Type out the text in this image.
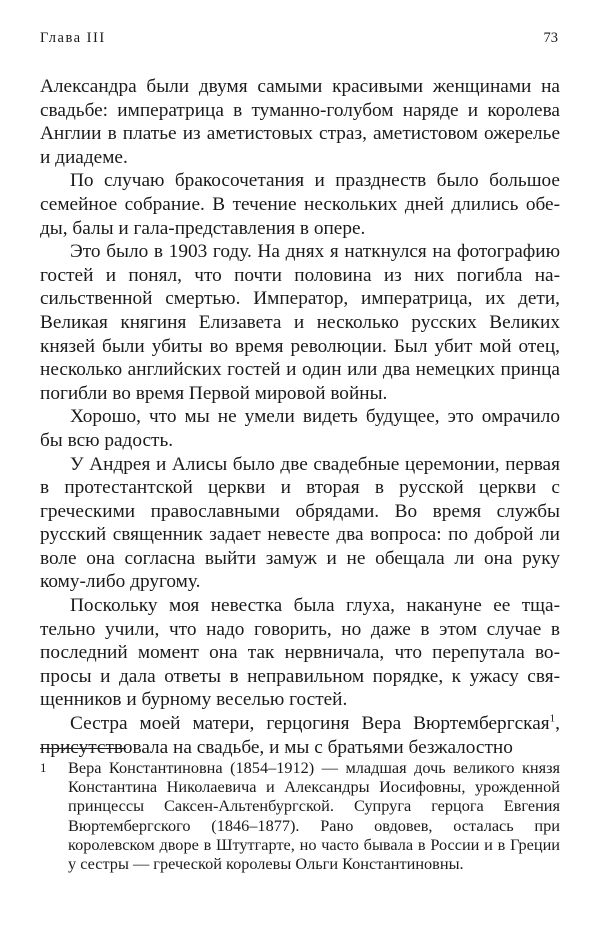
Глава III	73

Александра были двумя самыми красивыми женщинами на свадьбе: императрица в туманно-голубом наряде и королева Англии в платье из аметистовых страз, аметистовом ожерелье и диадеме.

По случаю бракосочетания и празднеств было большое семейное собрание. В течение нескольких дней длились обеды, балы и гала-представления в опере.

Это было в 1903 году. На днях я наткнулся на фотографию гостей и понял, что почти половина из них погибла насильственной смертью. Император, императрица, их дети, Великая княгиня Елизавета и несколько русских Великих князей были убиты во время революции. Был убит мой отец, несколько английских гостей и один или два немецких принца погибли во время Первой мировой войны.

Хорошо, что мы не умели видеть будущее, это омрачило бы всю радость.

У Андрея и Алисы было две свадебные церемонии, первая в протестантской церкви и вторая в русской церкви с греческими православными обрядами. Во время службы русский священник задает невесте два вопроса: по доброй ли воле она согласна выйти замуж и не обещала ли она руку кому-либо другому.

Поскольку моя невестка была глуха, накануне ее тщательно учили, что надо говорить, но даже в этом случае в последний момент она так нервничала, что перепутала вопросы и дала ответы в неправильном порядке, к ужасу священников и бурному веселью гостей.

Сестра моей матери, герцогиня Вера Вюртембергская$^1$, присутствовала на свадьбе, и мы с братьями безжалостно

1 Вера Константиновна (1854–1912) — младшая дочь великого князя Константина Николаевича и Александры Иосифовны, урожденной принцессы Саксен-Альтенбургской. Супруга герцога Евгения Вюртембергского (1846–1877). Рано овдовев, осталась при королевском дворе в Штутгарте, но часто бывала в России и в Греции у сестры — греческой королевы Ольги Константиновны.
